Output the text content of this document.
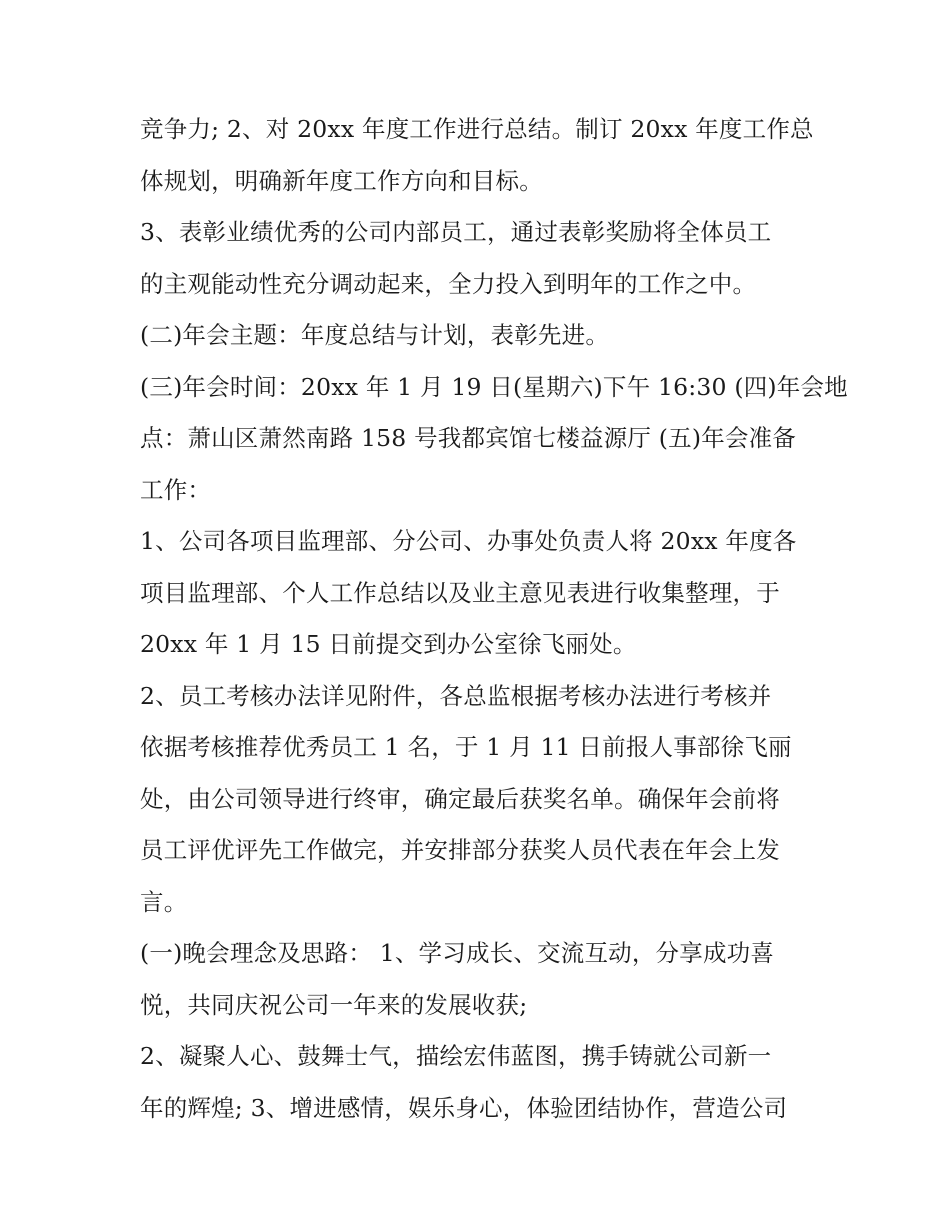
竞争力; 2、对 20xx 年度工作进行总结。制订 20xx 年度工作总
体规划，明确新年度工作方向和目标。
3、表彰业绩优秀的公司内部员工，通过表彰奖励将全体员工
的主观能动性充分调动起来，全力投入到明年的工作之中。
(二)年会主题：年度总结与计划，表彰先进。
(三)年会时间：20xx 年 1 月 19 日(星期六)下午 16:30 (四)年会地
点：萧山区萧然南路 158 号我都宾馆七楼益源厅 (五)年会准备
工作：
1、公司各项目监理部、分公司、办事处负责人将 20xx 年度各
项目监理部、个人工作总结以及业主意见表进行收集整理，于
20xx 年 1 月 15 日前提交到办公室徐飞丽处。
2、员工考核办法详见附件，各总监根据考核办法进行考核并
依据考核推荐优秀员工 1 名，于 1 月 11 日前报人事部徐飞丽
处，由公司领导进行终审，确定最后获奖名单。确保年会前将
员工评优评先工作做完，并安排部分获奖人员代表在年会上发
言。
(一)晚会理念及思路： 1、学习成长、交流互动，分享成功喜
悦，共同庆祝公司一年来的发展收获;
2、凝聚人心、鼓舞士气，描绘宏伟蓝图，携手铸就公司新一
年的辉煌; 3、增进感情，娱乐身心，体验团结协作，营造公司
